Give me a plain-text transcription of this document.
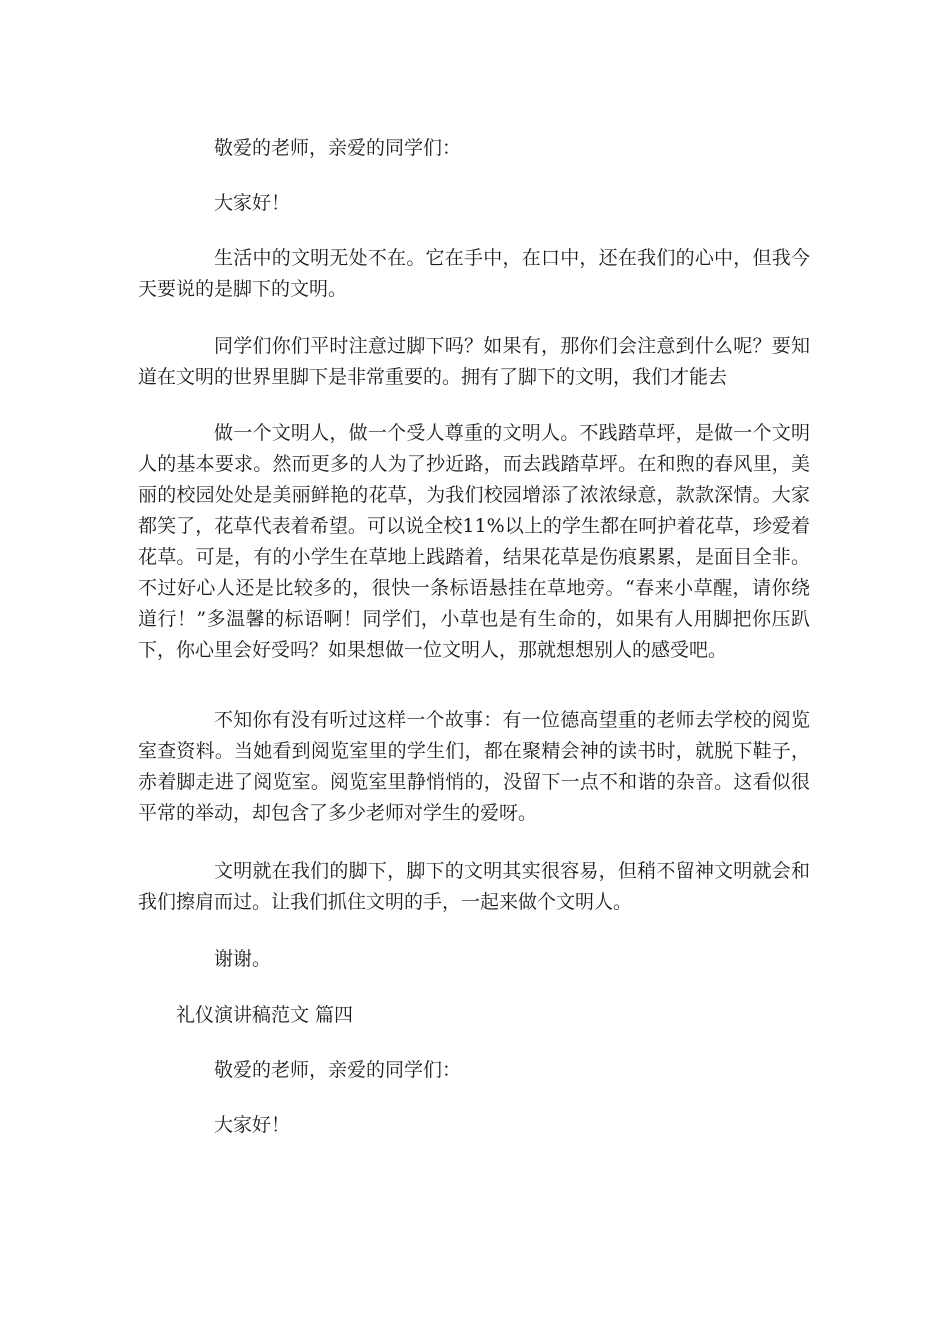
敬爱的老师，亲爱的同学们：

大家好！

生活中的文明无处不在。它在手中，在口中，还在我们的心中，但我今天要说的是脚下的文明。

同学们你们平时注意过脚下吗？如果有，那你们会注意到什么呢？要知道在文明的世界里脚下是非常重要的。拥有了脚下的文明，我们才能去

做一个文明人，做一个受人尊重的文明人。不践踏草坪，是做一个文明人的基本要求。然而更多的人为了抄近路，而去践踏草坪。在和煦的春风里，美丽的校园处处是美丽鲜艳的花草，为我们校园增添了浓浓绿意，款款深情。大家都笑了，花草代表着希望。可以说全校11%以上的学生都在呵护着花草，珍爱着花草。可是，有的小学生在草地上践踏着，结果花草是伤痕累累，是面目全非。不过好心人还是比较多的，很快一条标语悬挂在草地旁。“春来小草醒，请你绕道行！”多温馨的标语啊！同学们，小草也是有生命的，如果有人用脚把你压趴下，你心里会好受吗？如果想做一位文明人，那就想想别人的感受吧。

不知你有没有听过这样一个故事：有一位德高望重的老师去学校的阅览室查资料。当她看到阅览室里的学生们，都在聚精会神的读书时，就脱下鞋子，赤着脚走进了阅览室。阅览室里静悄悄的，没留下一点不和谐的杂音。这看似很平常的举动，却包含了多少老师对学生的爱呀。

文明就在我们的脚下，脚下的文明其实很容易，但稍不留神文明就会和我们擦肩而过。让我们抓住文明的手，一起来做个文明人。

谢谢。

礼仪演讲稿范文 篇四

敬爱的老师，亲爱的同学们：

大家好！
